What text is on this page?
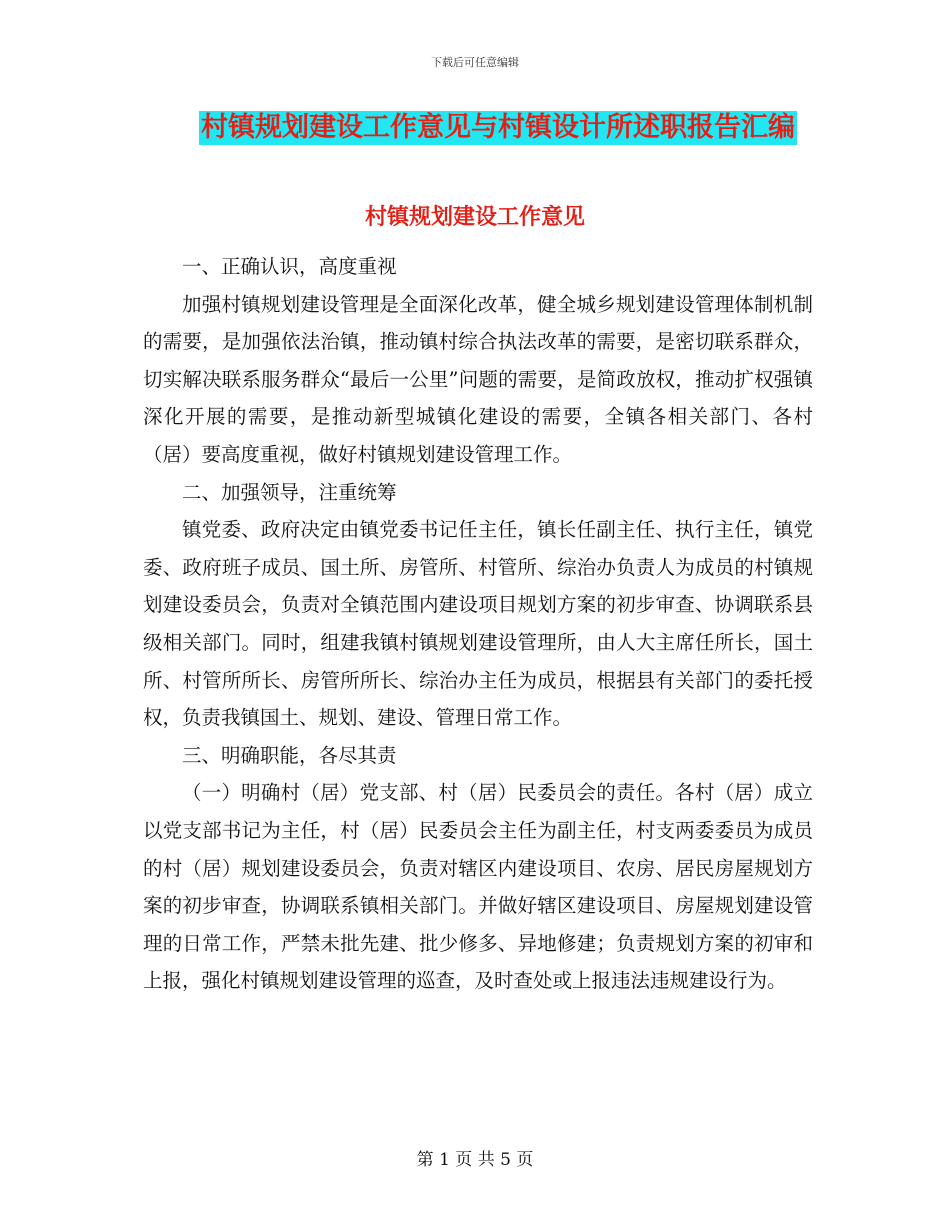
下载后可任意编辑
村镇规划建设工作意见与村镇设计所述职报告汇编
村镇规划建设工作意见

一、正确认识，高度重视

加强村镇规划建设管理是全面深化改革，健全城乡规划建设管理体制机制的需要，是加强依法治镇，推动镇村综合执法改革的需要，是密切联系群众，切实解决联系服务群众“最后一公里”问题的需要，是简政放权，推动扩权强镇深化开展的需要，是推动新型城镇化建设的需要，全镇各相关部门、各村（居）要高度重视，做好村镇规划建设管理工作。

二、加强领导，注重统筹

镇党委、政府决定由镇党委书记任主任，镇长任副主任、执行主任，镇党委、政府班子成员、国土所、房管所、村管所、综治办负责人为成员的村镇规划建设委员会，负责对全镇范围内建设项目规划方案的初步审查、协调联系县级相关部门。同时，组建我镇村镇规划建设管理所，由人大主席任所长，国土所、村管所所长、房管所所长、综治办主任为成员，根据县有关部门的委托授权，负责我镇国土、规划、建设、管理日常工作。

三、明确职能，各尽其责

（一）明确村（居）党支部、村（居）民委员会的责任。各村（居）成立以党支部书记为主任，村（居）民委员会主任为副主任，村支两委委员为成员的村（居）规划建设委员会，负责对辖区内建设项目、农房、居民房屋规划方案的初步审查，协调联系镇相关部门。并做好辖区建设项目、房屋规划建设管理的日常工作，严禁未批先建、批少修多、异地修建；负责规划方案的初审和上报，强化村镇规划建设管理的巡查，及时查处或上报违法违规建设行为。

第 1 页 共 5 页
